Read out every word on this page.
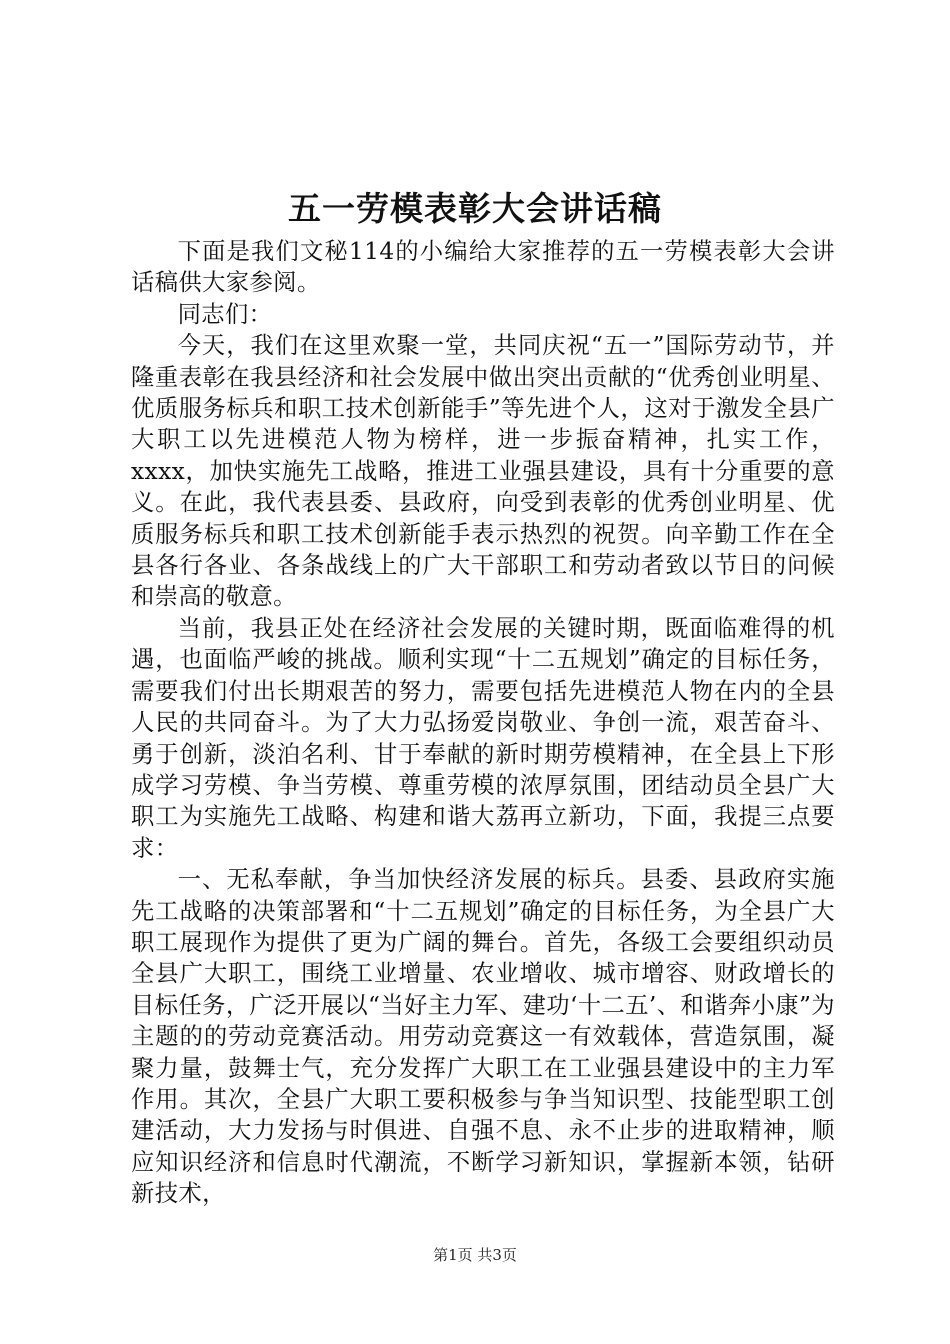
五一劳模表彰大会讲话稿

下面是我们文秘114的小编给大家推荐的五一劳模表彰大会讲话稿供大家参阅。

同志们：

今天，我们在这里欢聚一堂，共同庆祝“五一”国际劳动节，并隆重表彰在我县经济和社会发展中做出突出贡献的“优秀创业明星、优质服务标兵和职工技术创新能手”等先进个人，这对于激发全县广大职工以先进模范人物为榜样，进一步振奋精神，扎实工作，xxxx，加快实施先工战略，推进工业强县建设，具有十分重要的意义。在此，我代表县委、县政府，向受到表彰的优秀创业明星、优质服务标兵和职工技术创新能手表示热烈的祝贺。向辛勤工作在全县各行各业、各条战线上的广大干部职工和劳动者致以节日的问候和崇高的敬意。

当前，我县正处在经济社会发展的关键时期，既面临难得的机遇，也面临严峻的挑战。顺利实现“十二五规划”确定的目标任务，需要我们付出长期艰苦的努力，需要包括先进模范人物在内的全县人民的共同奋斗。为了大力弘扬爱岗敬业、争创一流，艰苦奋斗、勇于创新，淡泊名利、甘于奉献的新时期劳模精神，在全县上下形成学习劳模、争当劳模、尊重劳模的浓厚氛围，团结动员全县广大职工为实施先工战略、构建和谐大荔再立新功，下面，我提三点要求：

一、无私奉献，争当加快经济发展的标兵。县委、县政府实施先工战略的决策部署和“十二五规划”确定的目标任务，为全县广大职工展现作为提供了更为广阔的舞台。首先，各级工会要组织动员全县广大职工，围绕工业增量、农业增收、城市增容、财政增长的目标任务，广泛开展以“当好主力军、建功‘十二五’、和谐奔小康”为主题的的劳动竞赛活动。用劳动竞赛这一有效载体，营造氛围，凝聚力量，鼓舞士气，充分发挥广大职工在工业强县建设中的主力军作用。其次，全县广大职工要积极参与争当知识型、技能型职工创建活动，大力发扬与时俱进、自强不息、永不止步的进取精神，顺应知识经济和信息时代潮流，不断学习新知识，掌握新本领，钻研新技术，

第1页 共3页
